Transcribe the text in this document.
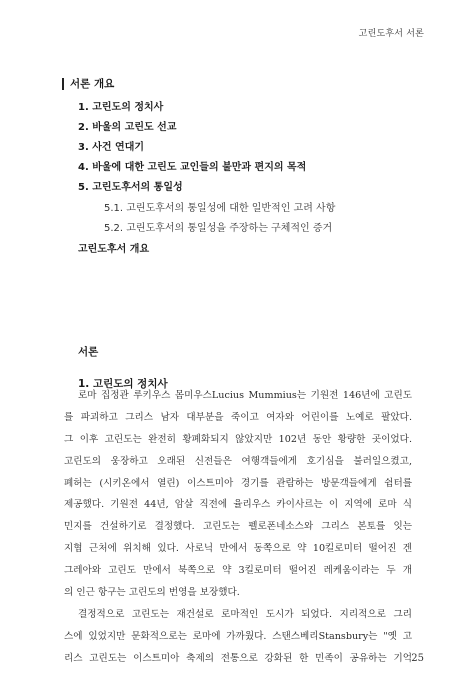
고린도후서 서론
서론 개요
1. 고린도의 정치사
2. 바울의 고린도 선교
3. 사건 연대기
4. 바울에 대한 고린도 교인들의 불만과 편지의 목적
5. 고린도후서의 통일성
5.1. 고린도후서의 통일성에 대한 일반적인 고려 사항
5.2. 고린도후서의 통일성을 주장하는 구체적인 증거
고린도후서 개요
서론
1. 고린도의 정치사
로마 집정관 루키우스 몸미우스Lucius Mummius는 기원전 146년에 고린도
를 파괴하고 그리스 남자 대부분을 죽이고 여자와 어린이를 노예로 팔았다.
그 이후 고린도는 완전히 황폐화되지 않았지만 102년 동안 황량한 곳이었다.
고린도의 웅장하고 오래된 신전들은 여행객들에게 호기심을 불러일으켰고,
폐허는 (시키온에서 열린) 이스트미아 경기를 관람하는 방문객들에게 쉼터를
제공했다. 기원전 44년, 암살 직전에 율리우스 카이사르는 이 지역에 로마 식
민지를 건설하기로 결정했다. 고린도는 펠로폰네소스와 그리스 본토를 잇는
지협 근처에 위치해 있다. 사로닉 만에서 동쪽으로 약 10킬로미터 떨어진 겐
그레아와 고린도 만에서 북쪽으로 약 3킬로미터 떨어진 레케움이라는 두 개
의 인근 항구는 고린도의 번영을 보장했다.
결정적으로 고린도는 재건설로 로마적인 도시가 되었다. 지리적으로 그리
스에 있었지만 문화적으로는 로마에 가까웠다. 스탠스베리Stansbury는 "옛 고
리스 고린도는 이스트미아 축제의 전통으로 강화된 한 민족이 공유하는 기억 25
